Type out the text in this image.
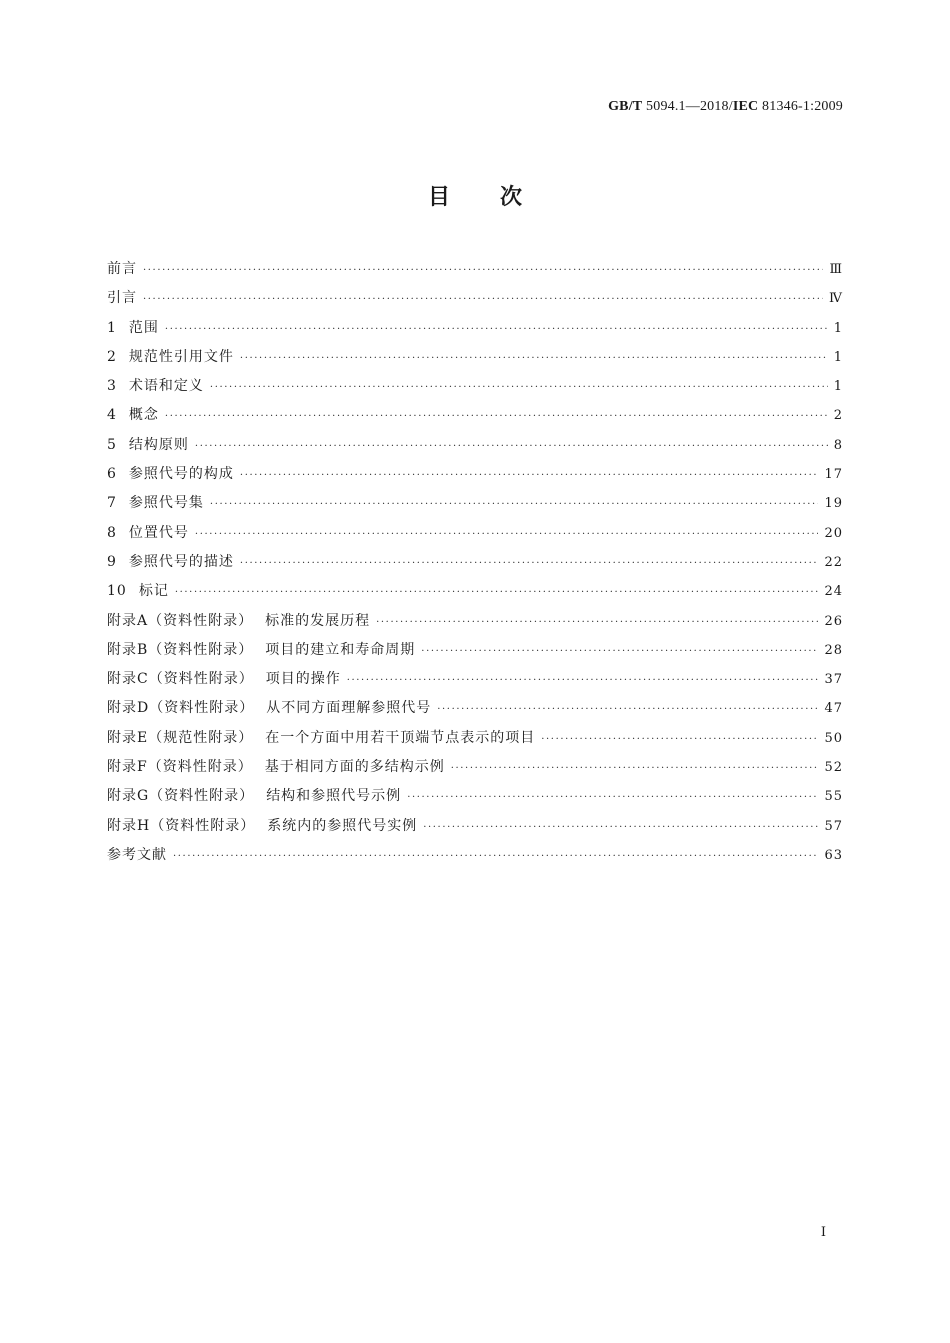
GB/T 5094.1—2018/IEC 81346-1:2009
目次
前言 ·····	Ⅲ
引言 ·····	Ⅳ
1 范围 ·····	1
2 规范性引用文件 ·····	1
3 术语和定义 ·····	1
4 概念 ·····	2
5 结构原则 ·····	8
6 参照代号的构成 ·····	17
7 参照代号集 ·····	19
8 位置代号 ·····	20
9 参照代号的描述 ·····	22
10 标记 ·····	24
附录A（资料性附录） 标准的发展历程 ·····	26
附录B（资料性附录） 项目的建立和寿命周期 ·····	28
附录C（资料性附录） 项目的操作 ·····	37
附录D（资料性附录） 从不同方面理解参照代号 ·····	47
附录E（规范性附录） 在一个方面中用若干顶端节点表示的项目 ·····	50
附录F（资料性附录） 基于相同方面的多结构示例 ·····	52
附录G（资料性附录） 结构和参照代号示例 ·····	55
附录H（资料性附录） 系统内的参照代号实例 ·····	57
参考文献 ·····	63
Ⅰ
